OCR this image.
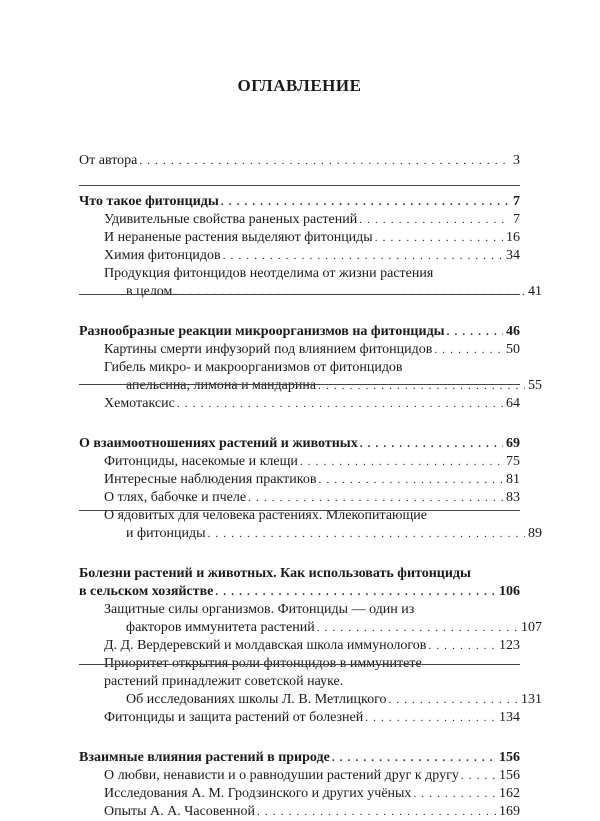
ОГЛАВЛЕНИЕ
От автора . . .	3
Что такое фитонциды . . .	7
Удивительные свойства раненых растений . . .	7
И нераненые растения выделяют фитонциды . . .	16
Химия фитонцидов . . .	34
Продукция фитонцидов неотделима от жизни растения
в целом . . .	41
Разнообразные реакции микроорганизмов на фитонциды . . .	46
Картины смерти инфузорий под влиянием фитонцидов . . .	50
Гибель микро- и макроорганизмов от фитонцидов
апельсина, лимона и мандарина . . .	55
Хемотаксис . . .	64
О взаимоотношениях растений и животных . . .	69
Фитонциды, насекомые и клещи . . .	75
Интересные наблюдения практиков . . .	81
О тлях, бабочке и пчеле . . .	83
О ядовитых для человека растениях. Млекопитающие
и фитонциды . . .	89
Болезни растений и животных. Как использовать фитонциды
в сельском хозяйстве . . .	106
Защитные силы организмов. Фитонциды — один из
факторов иммунитета растений . . .	107
Д. Д. Вердеревский и молдавская школа иммунологов . . .	123
Приоритет открытия роли фитонцидов в иммунитете
растений принадлежит советской науке.
Об исследованиях школы Л. В. Метлицкого . . .	131
Фитонциды и защита растений от болезней . . .	134
Взаимные влияния растений в природе . . .	156
О любви, ненависти и о равнодушии растений друг к другу . . .	156
Исследования А. М. Гродзинского и других учёных . . .	162
Опыты А. А. Часовенной . . .	169
